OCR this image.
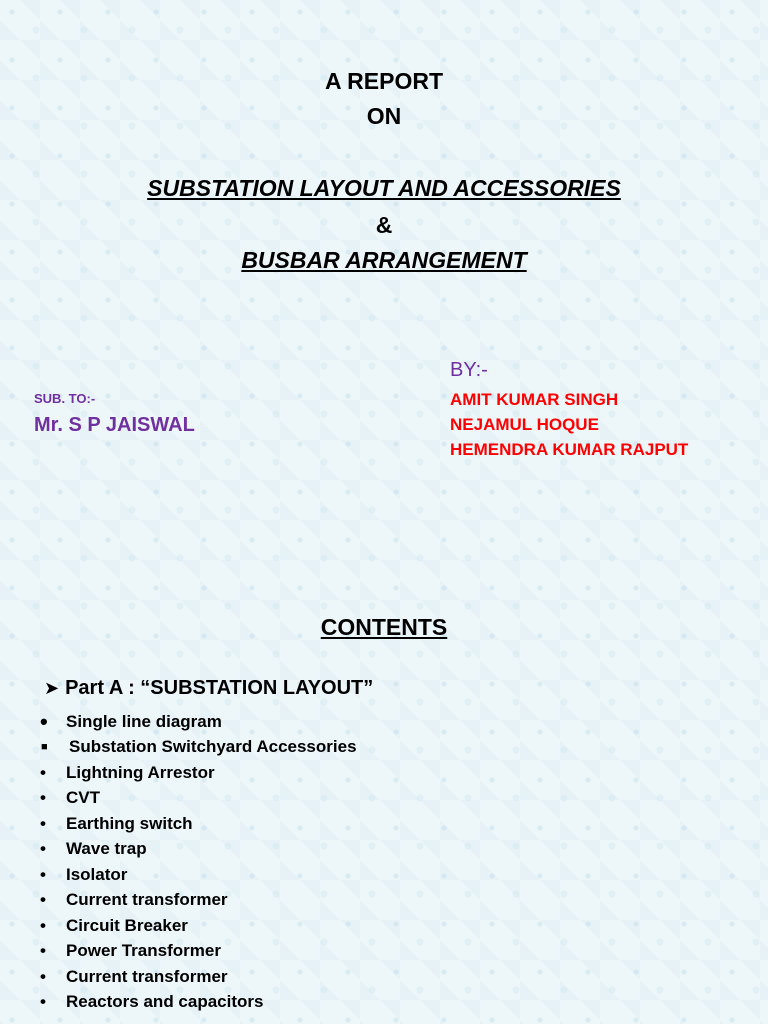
A REPORT
ON
SUBSTATION LAYOUT AND ACCESSORIES
&
BUSBAR ARRANGEMENT
BY:-
AMIT KUMAR SINGH
NEJAMUL HOQUE
HEMENDRA KUMAR RAJPUT
SUB. TO:-
Mr. S P JAISWAL
CONTENTS
➤ Part A : “SUBSTATION LAYOUT”
•	Single line diagram
■	Substation Switchyard Accessories
•	Lightning Arrestor
•	CVT
•	Earthing switch
•	Wave trap
•	Isolator
•	Current transformer
•	Circuit Breaker
•	Power Transformer
•	Current transformer
•	Reactors and capacitors
